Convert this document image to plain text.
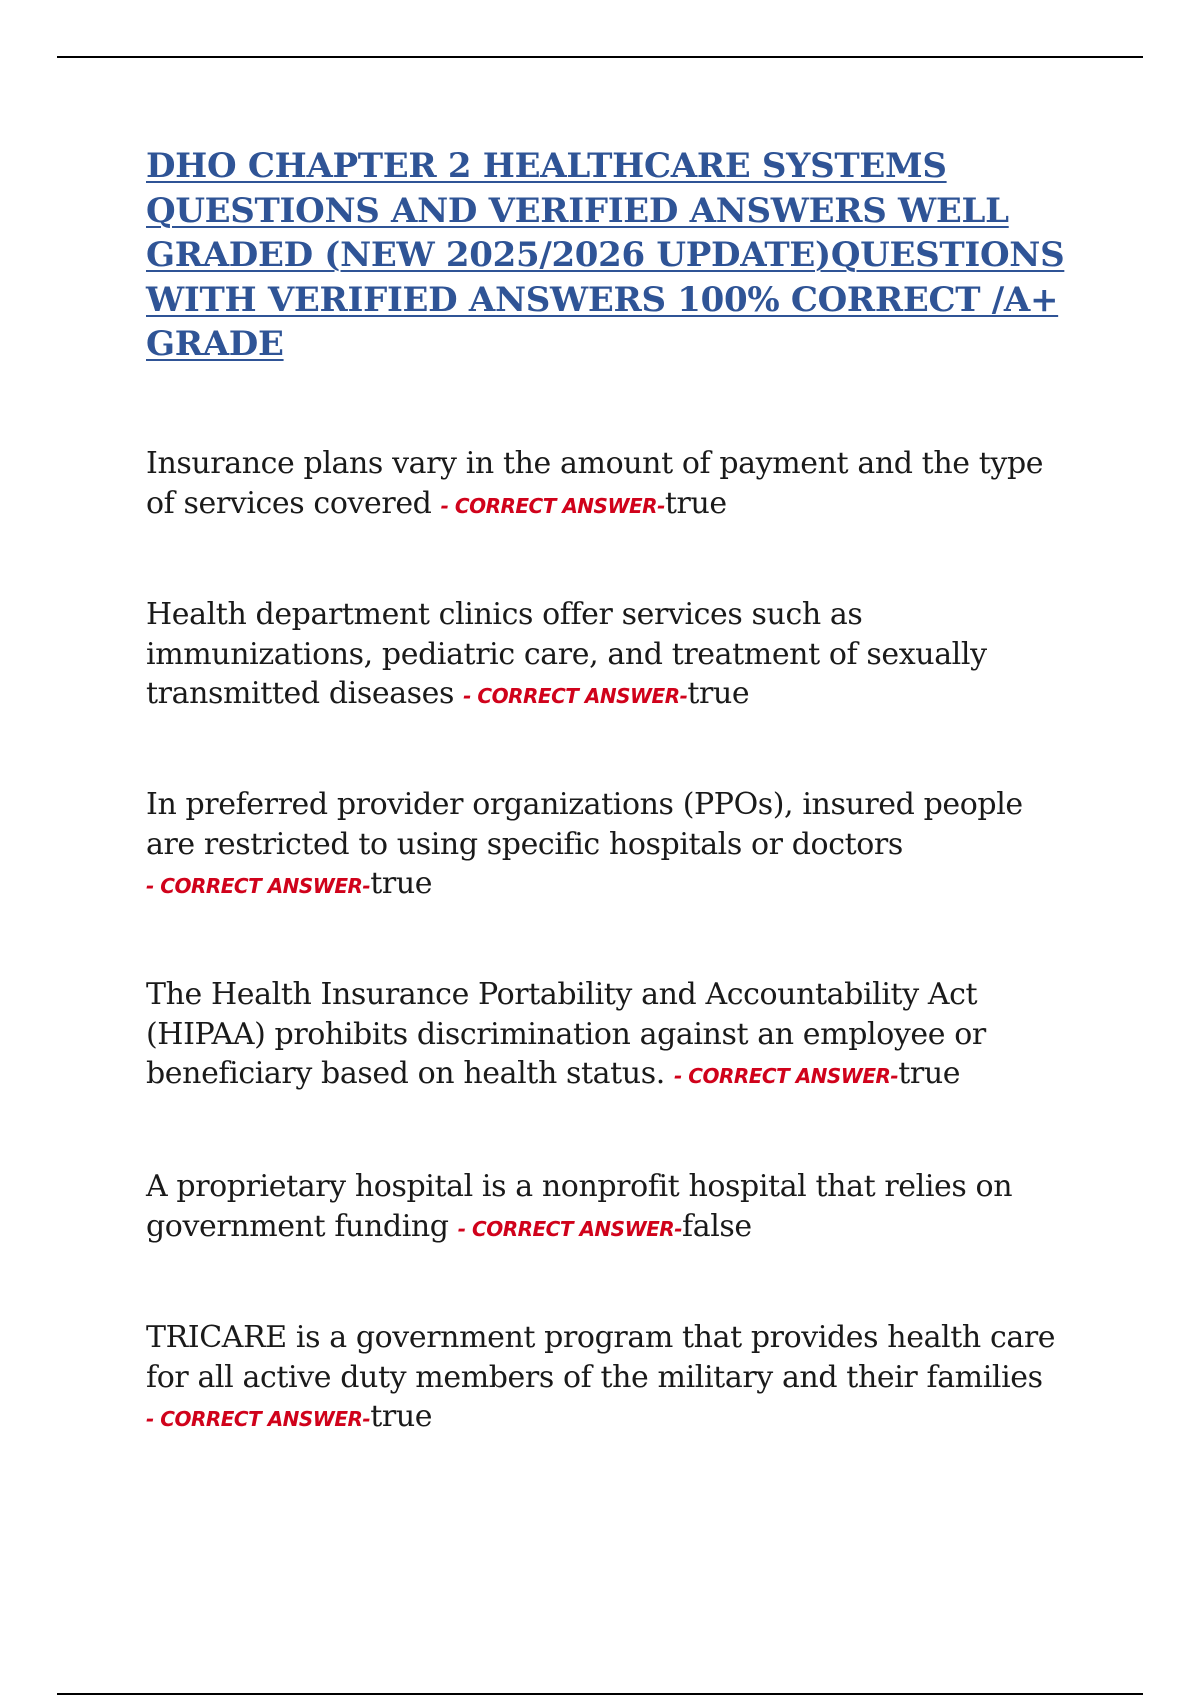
DHO CHAPTER 2 HEALTHCARE SYSTEMS QUESTIONS AND VERIFIED ANSWERS WELL GRADED (NEW 2025/2026 UPDATE)QUESTIONS WITH VERIFIED ANSWERS 100% CORRECT /A+ GRADE

Insurance plans vary in the amount of payment and the type of services covered - CORRECT ANSWER-true

Health department clinics offer services such as immunizations, pediatric care, and treatment of sexually transmitted diseases - CORRECT ANSWER-true

In preferred provider organizations (PPOs), insured people are restricted to using specific hospitals or doctors - CORRECT ANSWER-true

The Health Insurance Portability and Accountability Act (HIPAA) prohibits discrimination against an employee or beneficiary based on health status. - CORRECT ANSWER-true

A proprietary hospital is a nonprofit hospital that relies on government funding - CORRECT ANSWER-false

TRICARE is a government program that provides health care for all active duty members of the military and their families - CORRECT ANSWER-true
